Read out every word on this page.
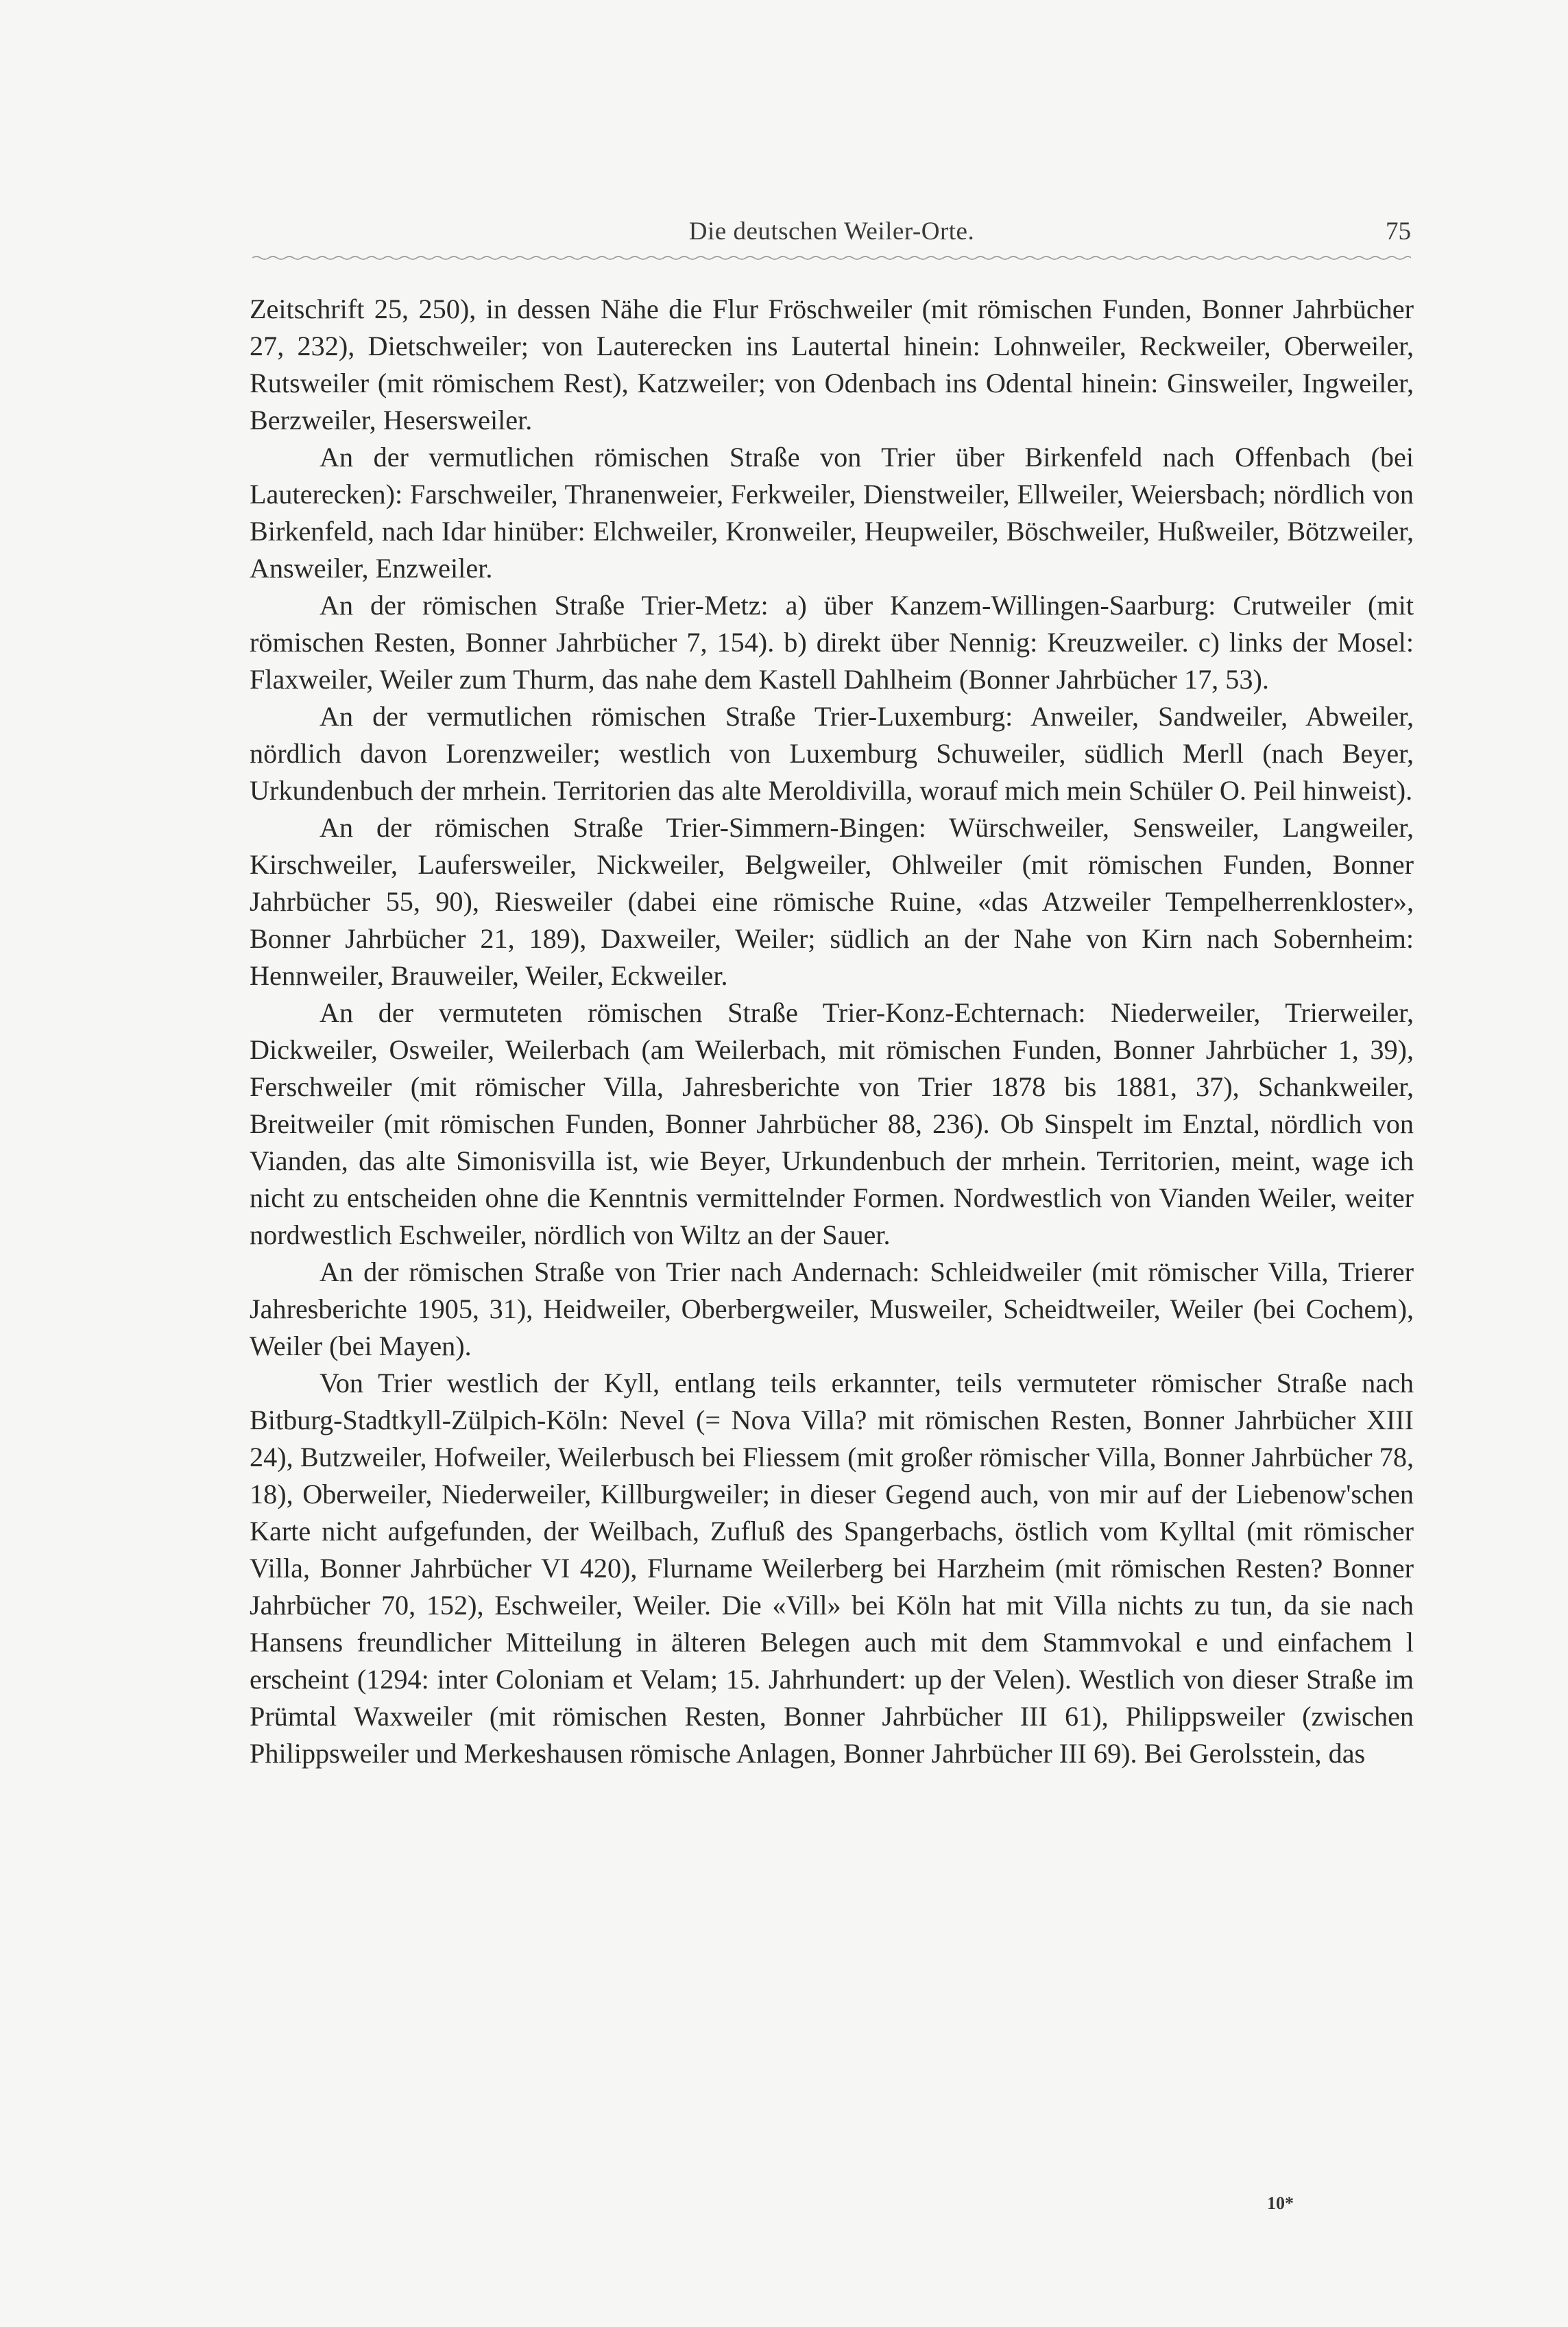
Die deutschen Weiler-Orte.	75

Zeitschrift 25, 250), in dessen Nähe die Flur Fröschweiler (mit römischen Funden, Bonner Jahrbücher 27, 232), Dietschweiler; von Lauterecken ins Lautertal hinein: Lohnweiler, Reckweiler, Oberweiler, Rutsweiler (mit römischem Rest), Katzweiler; von Odenbach ins Odental hinein: Ginsweiler, Ingweiler, Berzweiler, Hesersweiler.

An der vermutlichen römischen Straße von Trier über Birkenfeld nach Offenbach (bei Lauterecken): Farschweiler, Thranenweier, Ferkweiler, Dienstweiler, Ellweiler, Weiersbach; nördlich von Birkenfeld, nach Idar hinüber: Elchweiler, Kronweiler, Heupweiler, Böschweiler, Hußweiler, Bötzweiler, Answeiler, Enzweiler.

An der römischen Straße Trier-Metz: a) über Kanzem-Willingen-Saarburg: Crutweiler (mit römischen Resten, Bonner Jahrbücher 7, 154). b) direkt über Nennig: Kreuzweiler. c) links der Mosel: Flaxweiler, Weiler zum Thurm, das nahe dem Kastell Dahlheim (Bonner Jahrbücher 17, 53).

An der vermutlichen römischen Straße Trier-Luxemburg: Anweiler, Sandweiler, Abweiler, nördlich davon Lorenzweiler; westlich von Luxemburg Schuweiler, südlich Merll (nach Beyer, Urkundenbuch der mrhein. Territorien das alte Meroldivilla, worauf mich mein Schüler O. Peil hinweist).

An der römischen Straße Trier-Simmern-Bingen: Würschweiler, Sensweiler, Langweiler, Kirschweiler, Laufersweiler, Nickweiler, Belgweiler, Ohlweiler (mit römischen Funden, Bonner Jahrbücher 55, 90), Riesweiler (dabei eine römische Ruine, «das Atzweiler Tempelherrenkloster», Bonner Jahrbücher 21, 189), Daxweiler, Weiler; südlich an der Nahe von Kirn nach Sobernheim: Hennweiler, Brauweiler, Weiler, Eckweiler.

An der vermuteten römischen Straße Trier-Konz-Echternach: Niederweiler, Trierweiler, Dickweiler, Osweiler, Weilerbach (am Weilerbach, mit römischen Funden, Bonner Jahrbücher 1, 39), Ferschweiler (mit römischer Villa, Jahresberichte von Trier 1878 bis 1881, 37), Schankweiler, Breitweiler (mit römischen Funden, Bonner Jahrbücher 88, 236). Ob Sinspelt im Enztal, nördlich von Vianden, das alte Simonisvilla ist, wie Beyer, Urkundenbuch der mrhein. Territorien, meint, wage ich nicht zu entscheiden ohne die Kenntnis vermittelnder Formen. Nordwestlich von Vianden Weiler, weiter nordwestlich Eschweiler, nördlich von Wiltz an der Sauer.

An der römischen Straße von Trier nach Andernach: Schleidweiler (mit römischer Villa, Trierer Jahresberichte 1905, 31), Heidweiler, Oberbergweiler, Musweiler, Scheidtweiler, Weiler (bei Cochem), Weiler (bei Mayen).

Von Trier westlich der Kyll, entlang teils erkannter, teils vermuteter römischer Straße nach Bitburg-Stadtkyll-Zülpich-Köln: Nevel (= Nova Villa? mit römischen Resten, Bonner Jahrbücher XIII 24), Butzweiler, Hofweiler, Weilerbusch bei Fliessem (mit großer römischer Villa, Bonner Jahrbücher 78, 18), Oberweiler, Niederweiler, Killburgweiler; in dieser Gegend auch, von mir auf der Liebenow'schen Karte nicht aufgefunden, der Weilbach, Zufluß des Spangerbachs, östlich vom Kylltal (mit römischer Villa, Bonner Jahrbücher VI 420), Flurname Weilerberg bei Harzheim (mit römischen Resten? Bonner Jahrbücher 70, 152), Eschweiler, Weiler. Die «Vill» bei Köln hat mit Villa nichts zu tun, da sie nach Hansens freundlicher Mitteilung in älteren Belegen auch mit dem Stammvokal e und einfachem l erscheint (1294: inter Coloniam et Velam; 15. Jahrhundert: up der Velen). Westlich von dieser Straße im Prümtal Waxweiler (mit römischen Resten, Bonner Jahrbücher III 61), Philippsweiler (zwischen Philippsweiler und Merkeshausen römische Anlagen, Bonner Jahrbücher III 69). Bei Gerolsstein, das

10*
